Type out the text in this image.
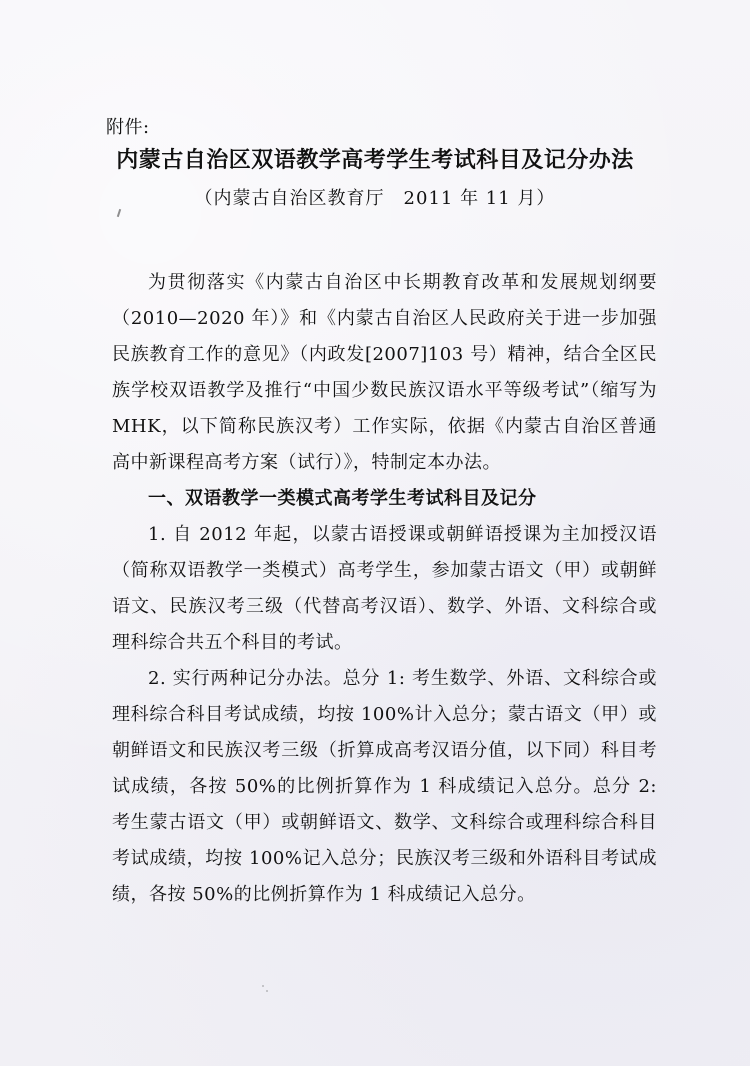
附件:
内蒙古自治区双语教学高考学生考试科目及记分办法
（内蒙古自治区教育厅　2011 年 11 月）

为贯彻落实《内蒙古自治区中长期教育改革和发展规划纲要（2010—2020 年）》和《内蒙古自治区人民政府关于进一步加强民族教育工作的意见》（内政发[2007]103 号）精神，结合全区民族学校双语教学及推行“中国少数民族汉语水平等级考试”（缩写为 MHK，以下简称民族汉考）工作实际，依据《内蒙古自治区普通高中新课程高考方案（试行）》，特制定本办法。

一、双语教学一类模式高考学生考试科目及记分

1. 自 2012 年起，以蒙古语授课或朝鲜语授课为主加授汉语（简称双语教学一类模式）高考学生，参加蒙古语文（甲）或朝鲜语文、民族汉考三级（代替高考汉语）、数学、外语、文科综合或理科综合共五个科目的考试。

2. 实行两种记分办法。总分 1: 考生数学、外语、文科综合或理科综合科目考试成绩，均按 100%计入总分；蒙古语文（甲）或朝鲜语文和民族汉考三级（折算成高考汉语分值，以下同）科目考试成绩，各按 50%的比例折算作为 1 科成绩记入总分。总分 2: 考生蒙古语文（甲）或朝鲜语文、数学、文科综合或理科综合科目考试成绩，均按 100%记入总分；民族汉考三级和外语科目考试成绩，各按 50%的比例折算作为 1 科成绩记入总分。
